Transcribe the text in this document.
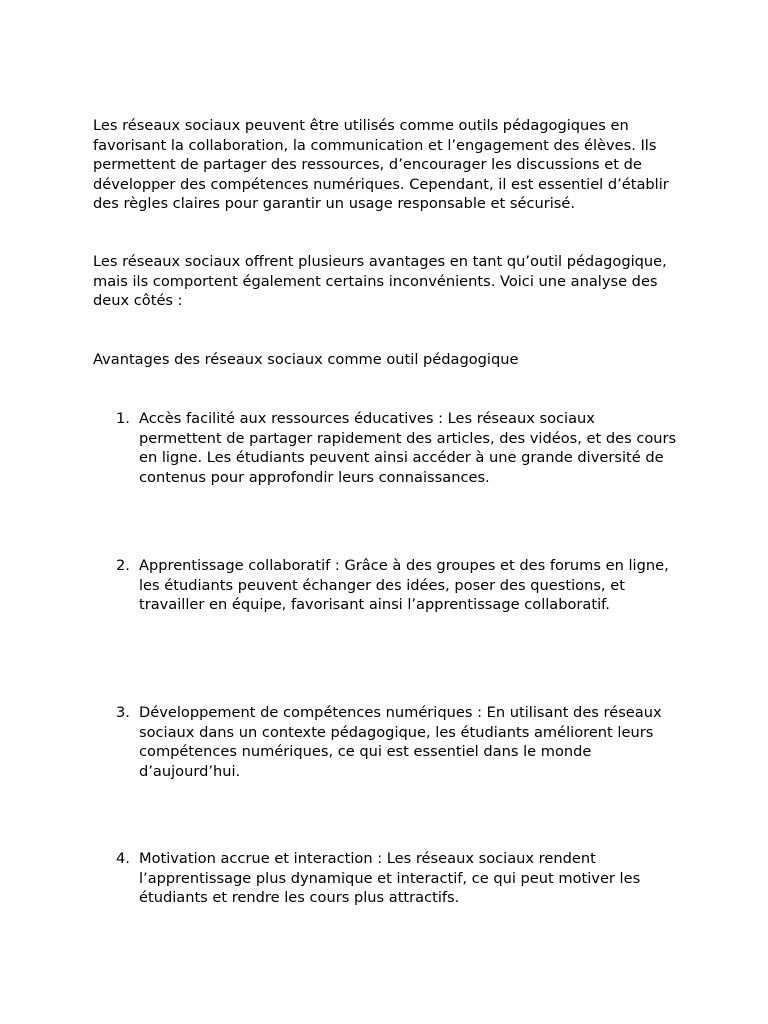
Les réseaux sociaux peuvent être utilisés comme outils pédagogiques en favorisant la collaboration, la communication et l’engagement des élèves. Ils permettent de partager des ressources, d’encourager les discussions et de développer des compétences numériques. Cependant, il est essentiel d’établir des règles claires pour garantir un usage responsable et sécurisé.

Les réseaux sociaux offrent plusieurs avantages en tant qu’outil pédagogique, mais ils comportent également certains inconvénients. Voici une analyse des deux côtés :

Avantages des réseaux sociaux comme outil pédagogique

1. Accès facilité aux ressources éducatives : Les réseaux sociaux permettent de partager rapidement des articles, des vidéos, et des cours en ligne. Les étudiants peuvent ainsi accéder à une grande diversité de contenus pour approfondir leurs connaissances.

2. Apprentissage collaboratif : Grâce à des groupes et des forums en ligne, les étudiants peuvent échanger des idées, poser des questions, et travailler en équipe, favorisant ainsi l’apprentissage collaboratif.

3. Développement de compétences numériques : En utilisant des réseaux sociaux dans un contexte pédagogique, les étudiants améliorent leurs compétences numériques, ce qui est essentiel dans le monde d’aujourd’hui.

4. Motivation accrue et interaction : Les réseaux sociaux rendent l’apprentissage plus dynamique et interactif, ce qui peut motiver les étudiants et rendre les cours plus attractifs.
